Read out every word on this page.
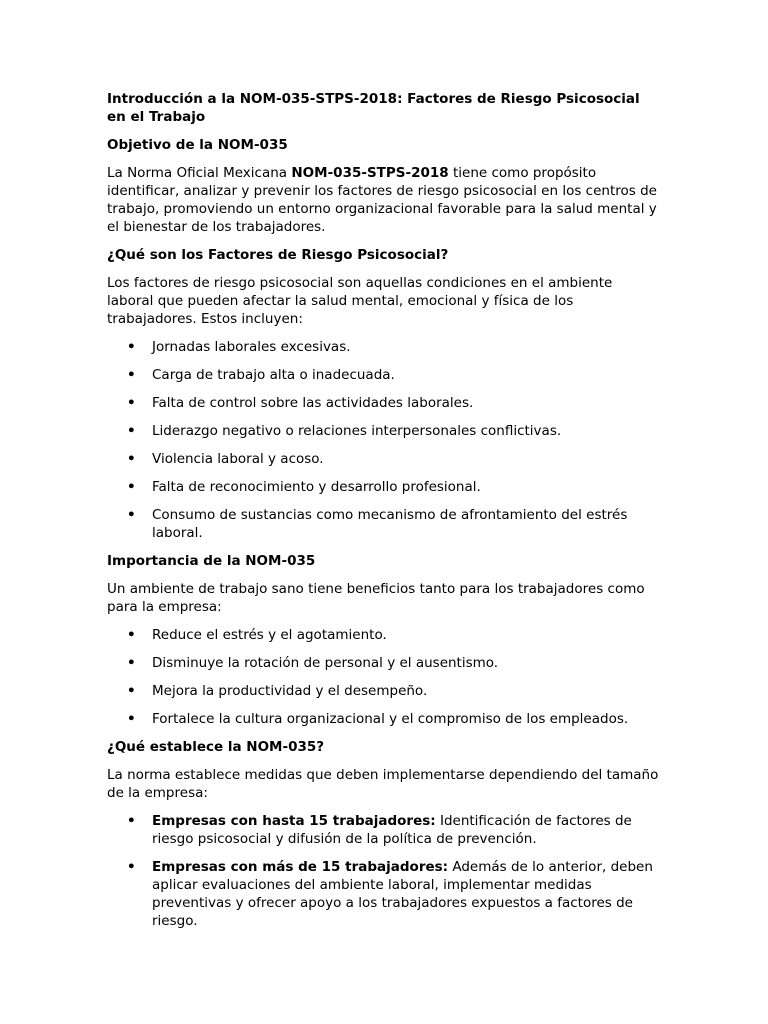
Introducción a la NOM-035-STPS-2018: Factores de Riesgo Psicosocial en el Trabajo
Objetivo de la NOM-035

La Norma Oficial Mexicana NOM-035-STPS-2018 tiene como propósito identificar, analizar y prevenir los factores de riesgo psicosocial en los centros de trabajo, promoviendo un entorno organizacional favorable para la salud mental y el bienestar de los trabajadores.

¿Qué son los Factores de Riesgo Psicosocial?

Los factores de riesgo psicosocial son aquellas condiciones en el ambiente laboral que pueden afectar la salud mental, emocional y física de los trabajadores. Estos incluyen:

• Jornadas laborales excesivas.
• Carga de trabajo alta o inadecuada.
• Falta de control sobre las actividades laborales.
• Liderazgo negativo o relaciones interpersonales conflictivas.
• Violencia laboral y acoso.
• Falta de reconocimiento y desarrollo profesional.
• Consumo de sustancias como mecanismo de afrontamiento del estrés laboral.
Importancia de la NOM-035

Un ambiente de trabajo sano tiene beneficios tanto para los trabajadores como para la empresa:

• Reduce el estrés y el agotamiento.
• Disminuye la rotación de personal y el ausentismo.
• Mejora la productividad y el desempeño.
• Fortalece la cultura organizacional y el compromiso de los empleados.
¿Qué establece la NOM-035?

La norma establece medidas que deben implementarse dependiendo del tamaño de la empresa:

• Empresas con hasta 15 trabajadores: Identificación de factores de riesgo psicosocial y difusión de la política de prevención.
• Empresas con más de 15 trabajadores: Además de lo anterior, deben aplicar evaluaciones del ambiente laboral, implementar medidas preventivas y ofrecer apoyo a los trabajadores expuestos a factores de riesgo.
